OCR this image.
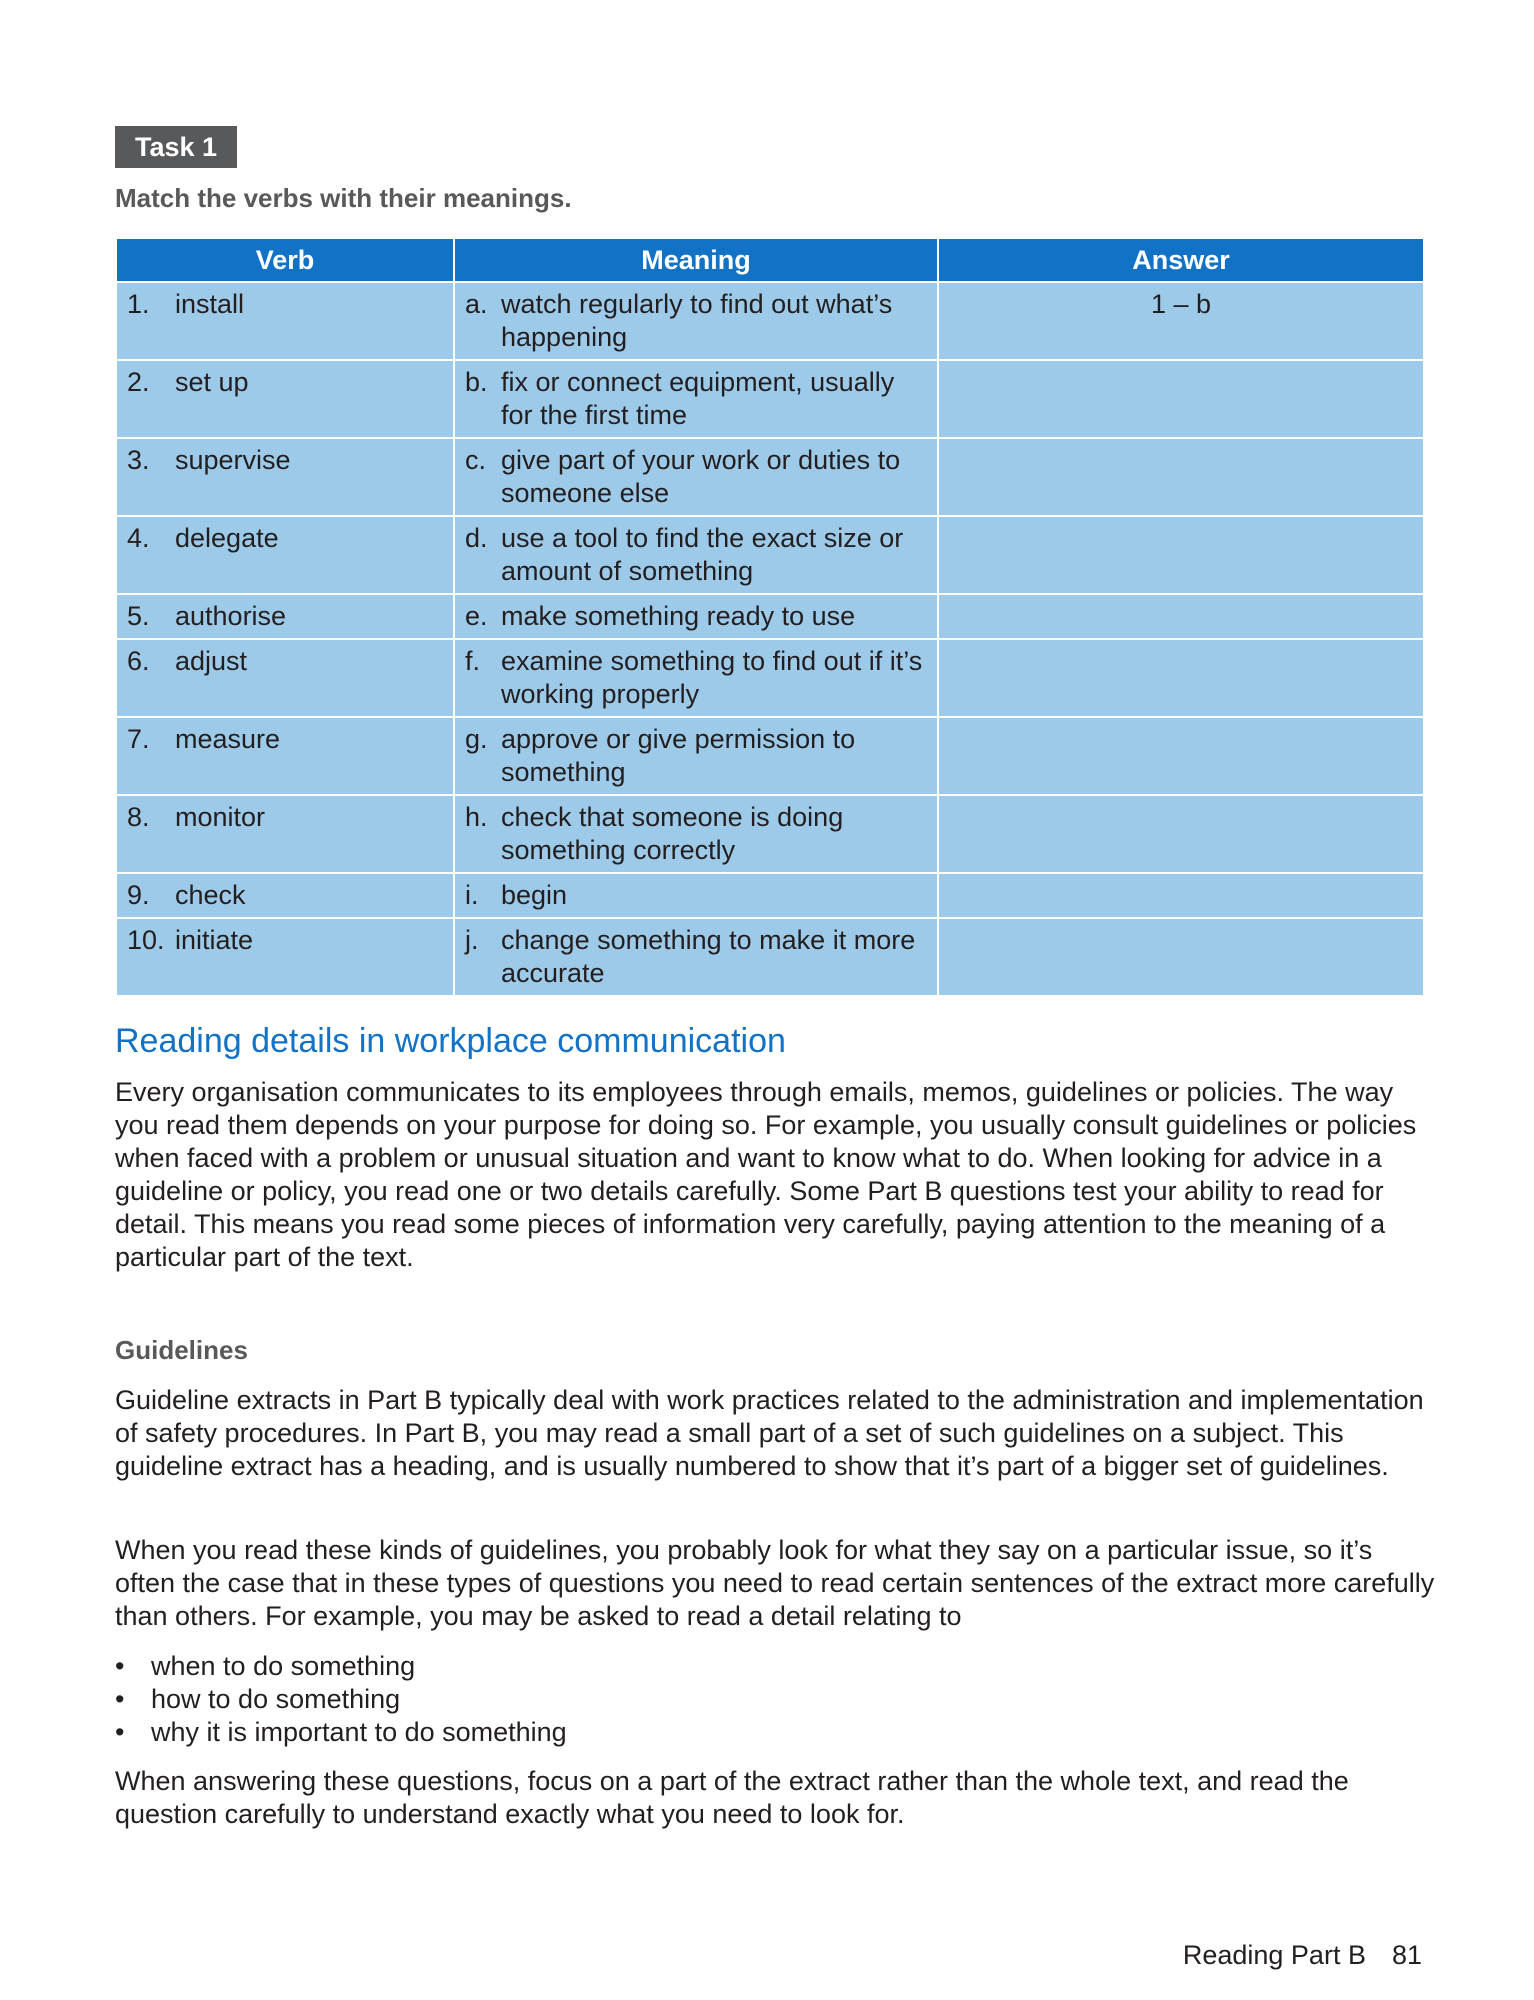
Task 1
Match the verbs with their meanings.
Verb	Meaning	Answer

1. install	a. watch regularly to find out what’s happening	1 – b

2. set up	b. fix or connect equipment, usually for the first time	

3. supervise	c. give part of your work or duties to someone else	

4. delegate	d. use a tool to find the exact size or amount of something	

5. authorise	e. make something ready to use	

6. adjust	f. examine something to find out if it’s working properly	

7. measure	g. approve or give permission to something	

8. monitor	h. check that someone is doing something correctly	

9. check	i. begin	

10. initiate	j. change something to make it more accurate	

Reading details in workplace communication

Every organisation communicates to its employees through emails, memos, guidelines or policies. The way you read them depends on your purpose for doing so. For example, you usually consult guidelines or policies when faced with a problem or unusual situation and want to know what to do. When looking for advice in a guideline or policy, you read one or two details carefully. Some Part B questions test your ability to read for detail. This means you read some pieces of information very carefully, paying attention to the meaning of a particular part of the text.

Guidelines

Guideline extracts in Part B typically deal with work practices related to the administration and implementation of safety procedures. In Part B, you may read a small part of a set of such guidelines on a subject. This guideline extract has a heading, and is usually numbered to show that it’s part of a bigger set of guidelines.

When you read these kinds of guidelines, you probably look for what they say on a particular issue, so it’s often the case that in these types of questions you need to read certain sentences of the extract more carefully than others. For example, you may be asked to read a detail relating to

• when to do something
• how to do something
• why it is important to do something

When answering these questions, focus on a part of the extract rather than the whole text, and read the question carefully to understand exactly what you need to look for.

Reading Part B 81
